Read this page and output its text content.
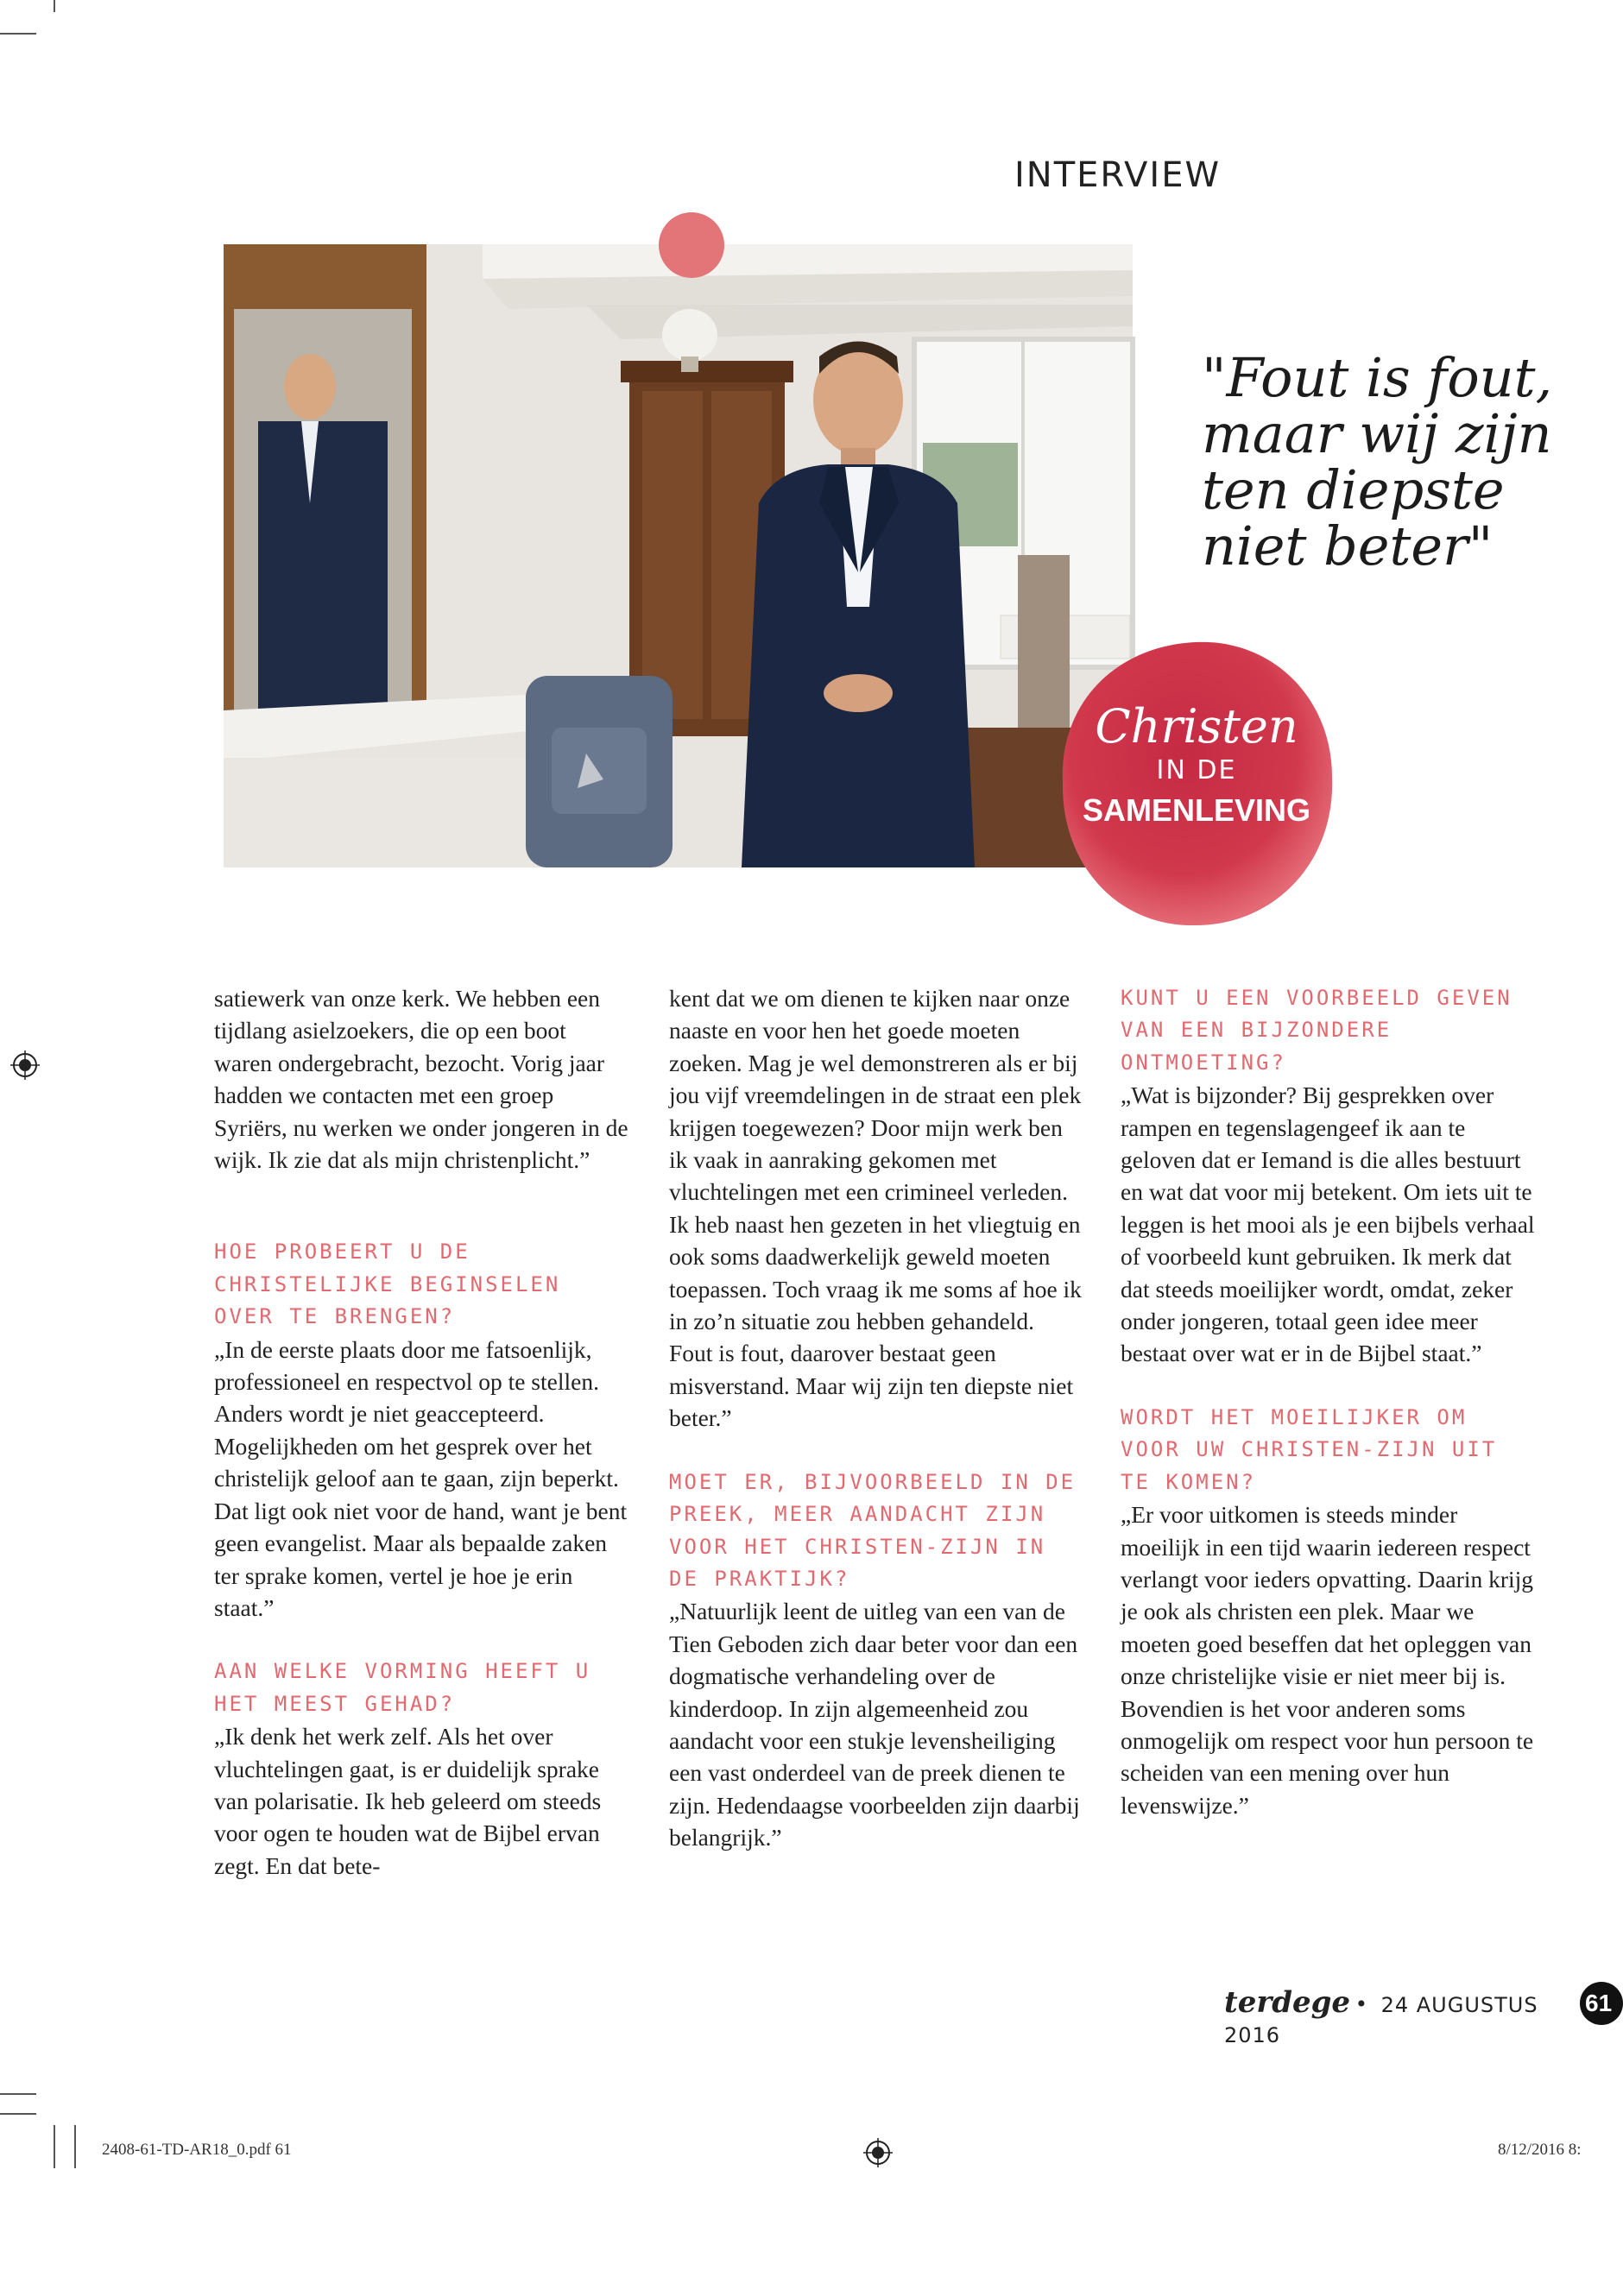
INTERVIEW
"Fout is fout,
maar wij zijn
ten diepste
niet beter"
Christen
IN DE
SAMENLEVING

satiewerk van onze kerk. We hebben een tijdlang asielzoekers, die op een boot waren ondergebracht, bezocht. Vorig jaar hadden we contacten met een groep Syriërs, nu werken we onder jongeren in de wijk. Ik zie dat als mijn christenplicht.”

HOE PROBEERT U DE CHRISTELIJKE BEGINSELEN OVER TE BRENGEN?

„In de eerste plaats door me fatsoenlijk, professioneel en respectvol op te stellen. Anders wordt je niet geaccepteerd. Mogelijkheden om het gesprek over het christelijk geloof aan te gaan, zijn beperkt. Dat ligt ook niet voor de hand, want je bent geen evangelist. Maar als bepaalde zaken ter sprake komen, vertel je hoe je erin staat.”

AAN WELKE VORMING HEEFT U HET MEEST GEHAD?

„Ik denk het werk zelf. Als het over vluchtelingen gaat, is er duidelijk sprake van polarisatie. Ik heb geleerd om steeds voor ogen te houden wat de Bijbel ervan zegt. En dat bete-

kent dat we om dienen te kijken naar onze naaste en voor hen het goede moeten zoeken. Mag je wel demonstreren als er bij jou vijf vreemdelingen in de straat een plek krijgen toegewezen? Door mijn werk ben ik vaak in aanraking gekomen met vluchtelingen met een crimineel verleden. Ik heb naast hen gezeten in het vliegtuig en ook soms daadwerkelijk geweld moeten toepassen. Toch vraag ik me soms af hoe ik in zo’n situatie zou hebben gehandeld. Fout is fout, daarover bestaat geen misverstand. Maar wij zijn ten diepste niet beter.”

MOET ER, BIJVOORBEELD IN DE PREEK, MEER AANDACHT ZIJN VOOR HET CHRISTEN-ZIJN IN DE PRAKTIJK?

„Natuurlijk leent de uitleg van een van de Tien Geboden zich daar beter voor dan een dogmatische verhandeling over de kinderdoop. In zijn algemeenheid zou aandacht voor een stukje levensheiliging een vast onderdeel van de preek dienen te zijn. Hedendaagse voorbeelden zijn daarbij belangrijk.”

KUNT U EEN VOORBEELD GEVEN VAN EEN BIJZONDERE ONTMOETING?

„Wat is bijzonder? Bij gesprekken over rampen en tegenslagengeef ik aan te geloven dat er Iemand is die alles bestuurt en wat dat voor mij betekent. Om iets uit te leggen is het mooi als je een bijbels verhaal of voorbeeld kunt gebruiken. Ik merk dat dat steeds moeilijker wordt, omdat, zeker onder jongeren, totaal geen idee meer bestaat over wat er in de Bijbel staat.”

WORDT HET MOEILIJKER OM VOOR UW CHRISTEN-ZIJN UIT TE KOMEN?

„Er voor uitkomen is steeds minder moeilijk in een tijd waarin iedereen respect verlangt voor ieders opvatting. Daarin krijg je ook als christen een plek. Maar we moeten goed beseffen dat het opleggen van onze christelijke visie er niet meer bij is. Bovendien is het voor anderen soms onmogelijk om respect voor hun persoon te scheiden van een mening over hun levenswijze.”

terdege • 24 AUGUSTUS 2016
61
2408-61-TD-AR18_0.pdf 61	8/12/2016 8:
